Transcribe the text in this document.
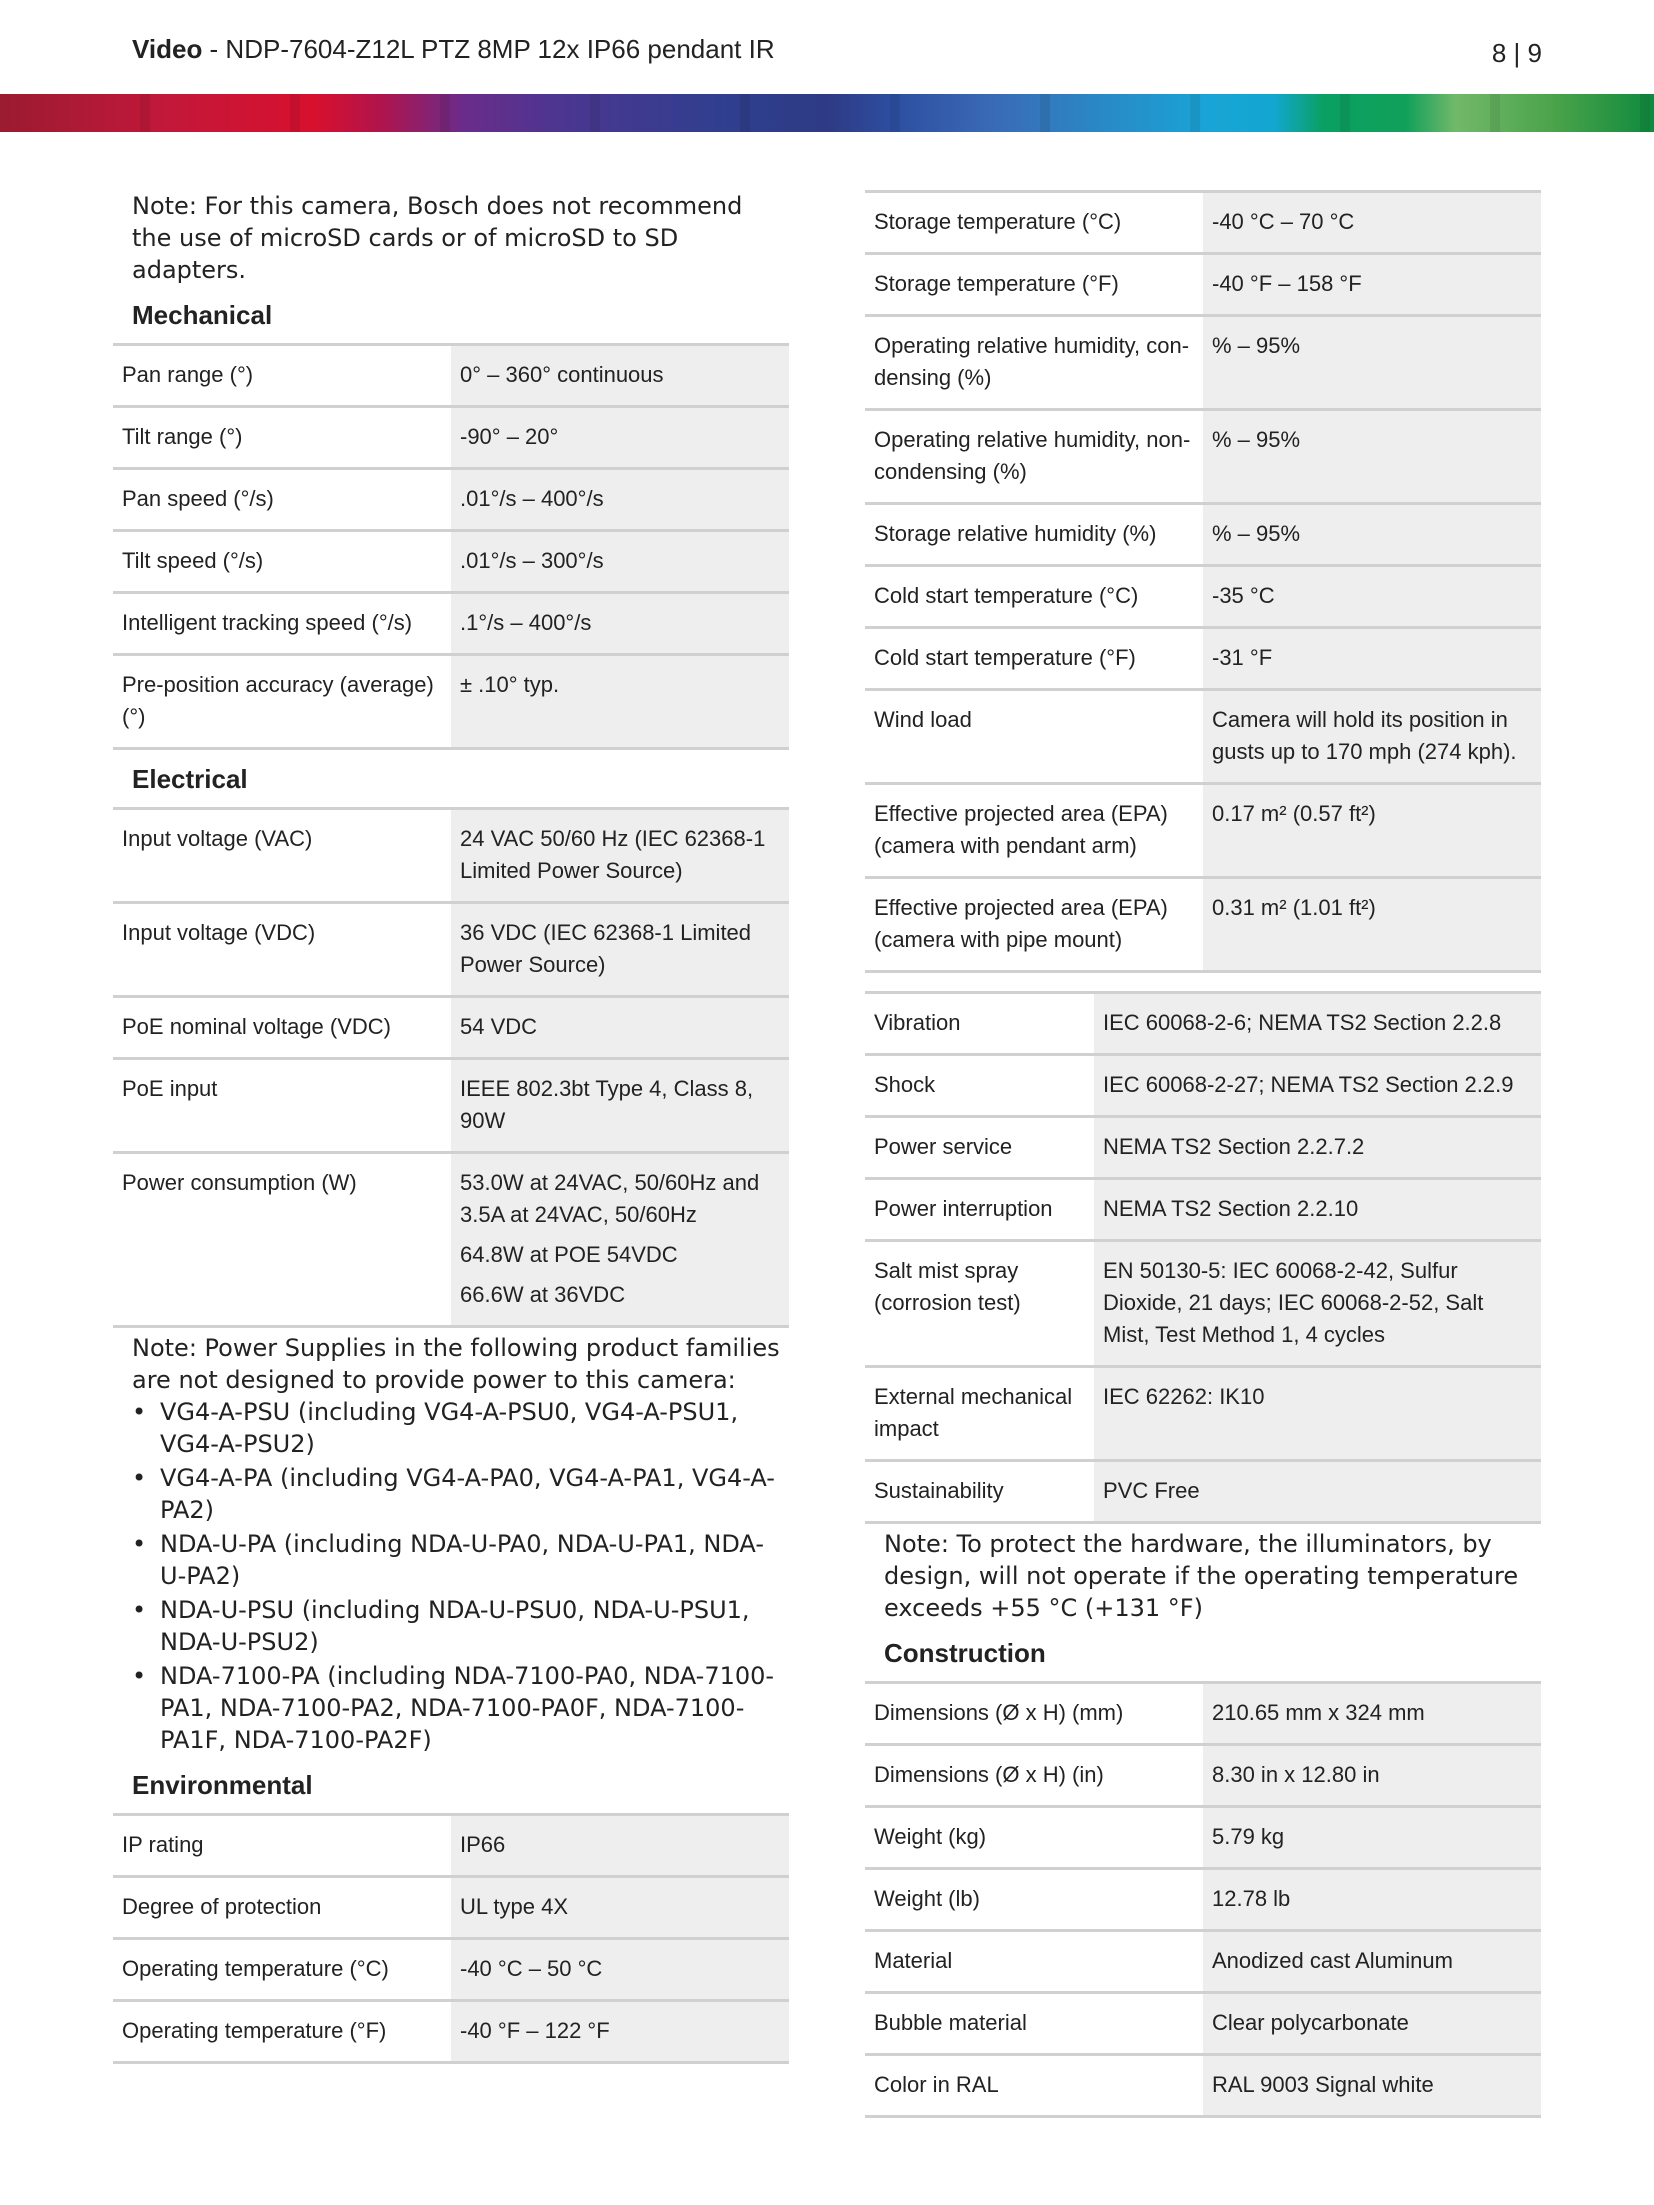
Video - NDP-7604-Z12L PTZ 8MP 12x IP66 pendant IR	8 | 9
Note: For this camera, Bosch does not recommend the use of microSD cards or of microSD to SD adapters.
Mechanical
Pan range (°)	0° – 360° continuous
Tilt range (°)	-90° – 20°
Pan speed (°/s)	.01°/s – 400°/s
Tilt speed (°/s)	.01°/s – 300°/s
Intelligent tracking speed (°/s)	.1°/s – 400°/s
Pre-position accuracy (average) (°)	± .10° typ.
Electrical
Input voltage (VAC)	24 VAC 50/60 Hz (IEC 62368-1 Limited Power Source)
Input voltage (VDC)	36 VDC (IEC 62368-1 Limited Power Source)
PoE nominal voltage (VDC)	54 VDC
PoE input	IEEE 802.3bt Type 4, Class 8, 90W
Power consumption (W)	53.0W at 24VAC, 50/60Hz and 3.5A at 24VAC, 50/60Hz
64.8W at POE 54VDC
66.6W at 36VDC
Note: Power Supplies in the following product families are not designed to provide power to this camera:
• VG4-A-PSU (including VG4-A-PSU0, VG4-A-PSU1, VG4-A-PSU2)
• VG4-A-PA (including VG4-A-PA0, VG4-A-PA1, VG4-A-PA2)
• NDA-U-PA (including NDA-U-PA0, NDA-U-PA1, NDA-U-PA2)
• NDA-U-PSU (including NDA-U-PSU0, NDA-U-PSU1, NDA-U-PSU2)
• NDA-7100-PA (including NDA-7100-PA0, NDA-7100-PA1, NDA-7100-PA2, NDA-7100-PA0F, NDA-7100-PA1F, NDA-7100-PA2F)
Environmental
IP rating	IP66
Degree of protection	UL type 4X
Operating temperature (°C)	-40 °C – 50 °C
Operating temperature (°F)	-40 °F – 122 °F
Storage temperature (°C)	-40 °C – 70 °C
Storage temperature (°F)	-40 °F – 158 °F
Operating relative humidity, condensing (%)	% – 95%
Operating relative humidity, non-condensing (%)	% – 95%
Storage relative humidity (%)	% – 95%
Cold start temperature (°C)	-35 °C
Cold start temperature (°F)	-31 °F
Wind load	Camera will hold its position in gusts up to 170 mph (274 kph).
Effective projected area (EPA) (camera with pendant arm)	0.17 m² (0.57 ft²)
Effective projected area (EPA) (camera with pipe mount)	0.31 m² (1.01 ft²)
Vibration	IEC 60068-2-6; NEMA TS2 Section 2.2.8
Shock	IEC 60068-2-27; NEMA TS2 Section 2.2.9
Power service	NEMA TS2 Section 2.2.7.2
Power interruption	NEMA TS2 Section 2.2.10
Salt mist spray (corrosion test)	EN 50130-5: IEC 60068-2-42, Sulfur Dioxide, 21 days; IEC 60068-2-52, Salt Mist, Test Method 1, 4 cycles
External mechanical impact	IEC 62262: IK10
Sustainability	PVC Free
Note: To protect the hardware, the illuminators, by design, will not operate if the operating temperature exceeds +55 °C (+131 °F)
Construction
Dimensions (Ø x H) (mm)	210.65 mm x 324 mm
Dimensions (Ø x H) (in)	8.30 in x 12.80 in
Weight (kg)	5.79 kg
Weight (lb)	12.78 lb
Material	Anodized cast Aluminum
Bubble material	Clear polycarbonate
Color in RAL	RAL 9003 Signal white
